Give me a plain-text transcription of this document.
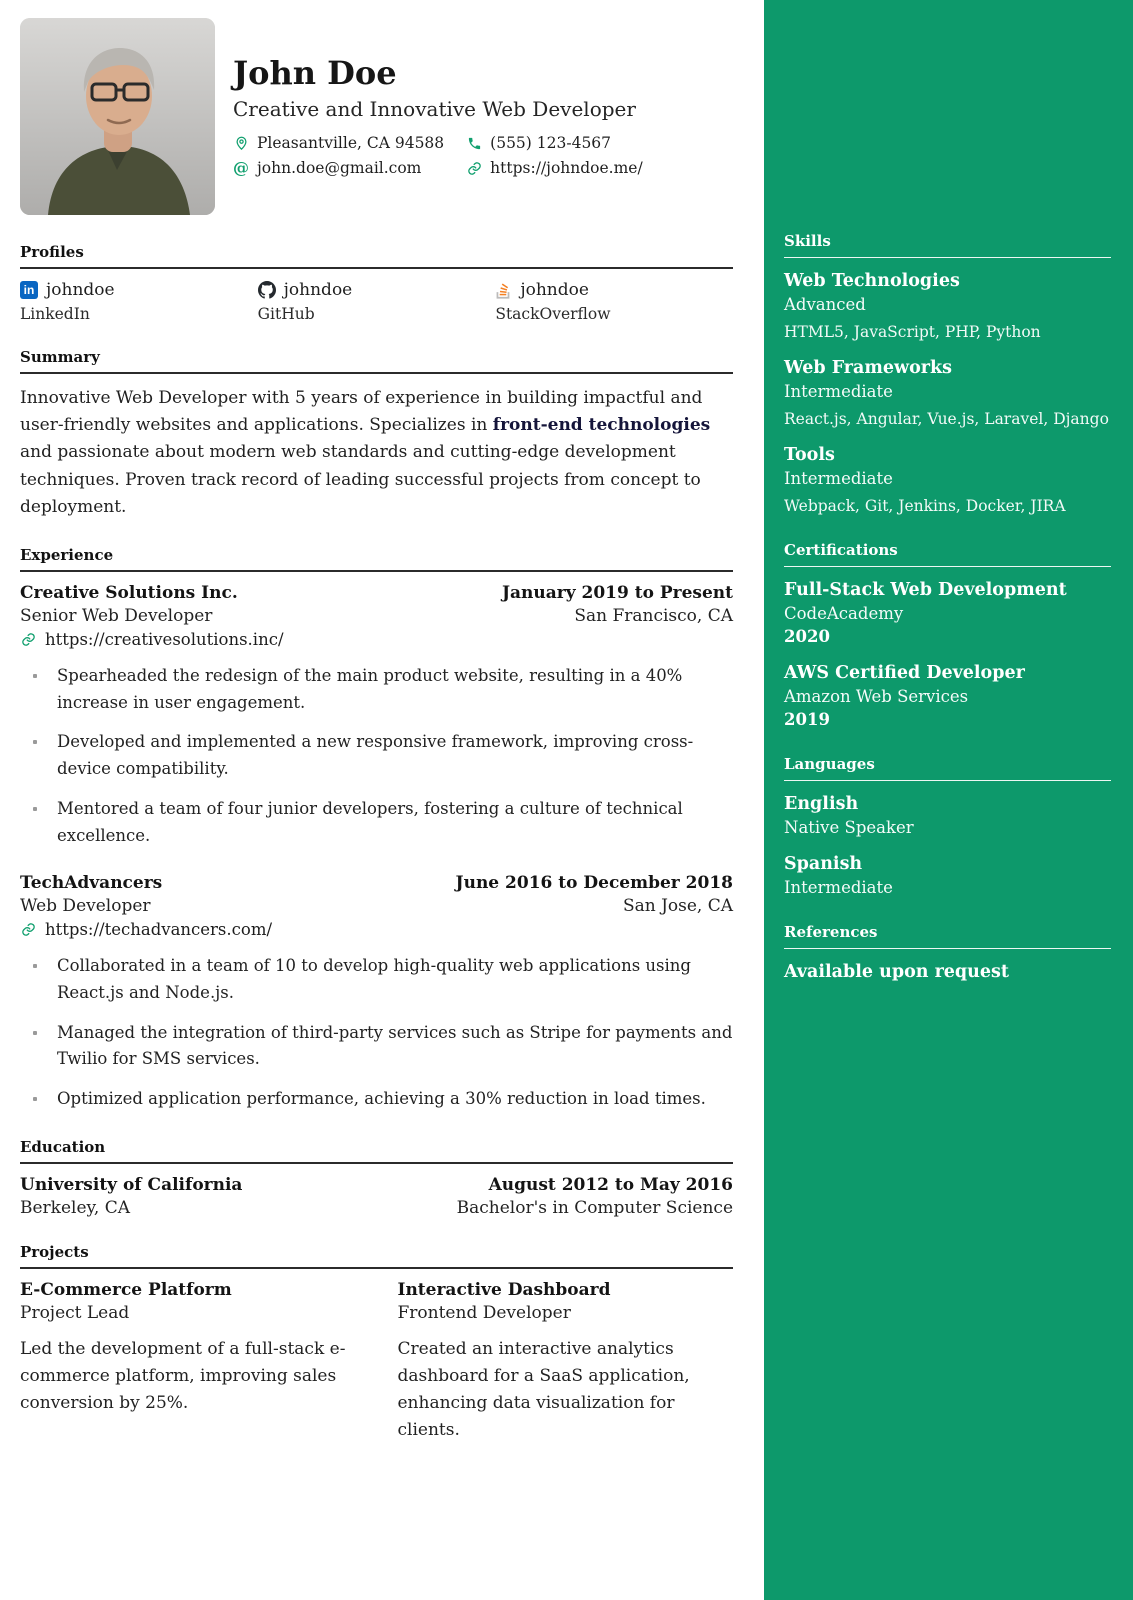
John Doe
Creative and Innovative Web Developer
Pleasantville, CA 94588	(555) 123-4567
@ john.doe@gmail.com	https://johndoe.me/
Profiles
in johndoe
LinkedIn
johndoe
GitHub
johndoe
StackOverflow
Summary

Innovative Web Developer with 5 years of experience in building impactful and user-friendly websites and applications. Specializes in front-end technologies and passionate about modern web standards and cutting-edge development techniques. Proven track record of leading successful projects from concept to deployment.

Experience
Creative Solutions Inc.	January 2019 to Present
Senior Web Developer	San Francisco, CA
https://creativesolutions.inc/
Spearheaded the redesign of the main product website, resulting in a 40% increase in user engagement.
Developed and implemented a new responsive framework, improving cross-device compatibility.
Mentored a team of four junior developers, fostering a culture of technical excellence.
TechAdvancers	June 2016 to December 2018
Web Developer	San Jose, CA
https://techadvancers.com/
Collaborated in a team of 10 to develop high-quality web applications using React.js and Node.js.
Managed the integration of third-party services such as Stripe for payments and Twilio for SMS services.
Optimized application performance, achieving a 30% reduction in load times.
Education
University of California	August 2012 to May 2016
Berkeley, CA	Bachelor's in Computer Science
Projects
E-Commerce Platform
Project Lead

Led the development of a full-stack e-commerce platform, improving sales conversion by 25%.

Interactive Dashboard
Frontend Developer

Created an interactive analytics dashboard for a SaaS application, enhancing data visualization for clients.

Skills
Web Technologies
Advanced
HTML5, JavaScript, PHP, Python
Web Frameworks
Intermediate
React.js, Angular, Vue.js, Laravel, Django
Tools
Intermediate
Webpack, Git, Jenkins, Docker, JIRA
Certifications
Full-Stack Web Development
CodeAcademy
2020
AWS Certified Developer
Amazon Web Services
2019
Languages
English
Native Speaker
Spanish
Intermediate
References
Available upon request
